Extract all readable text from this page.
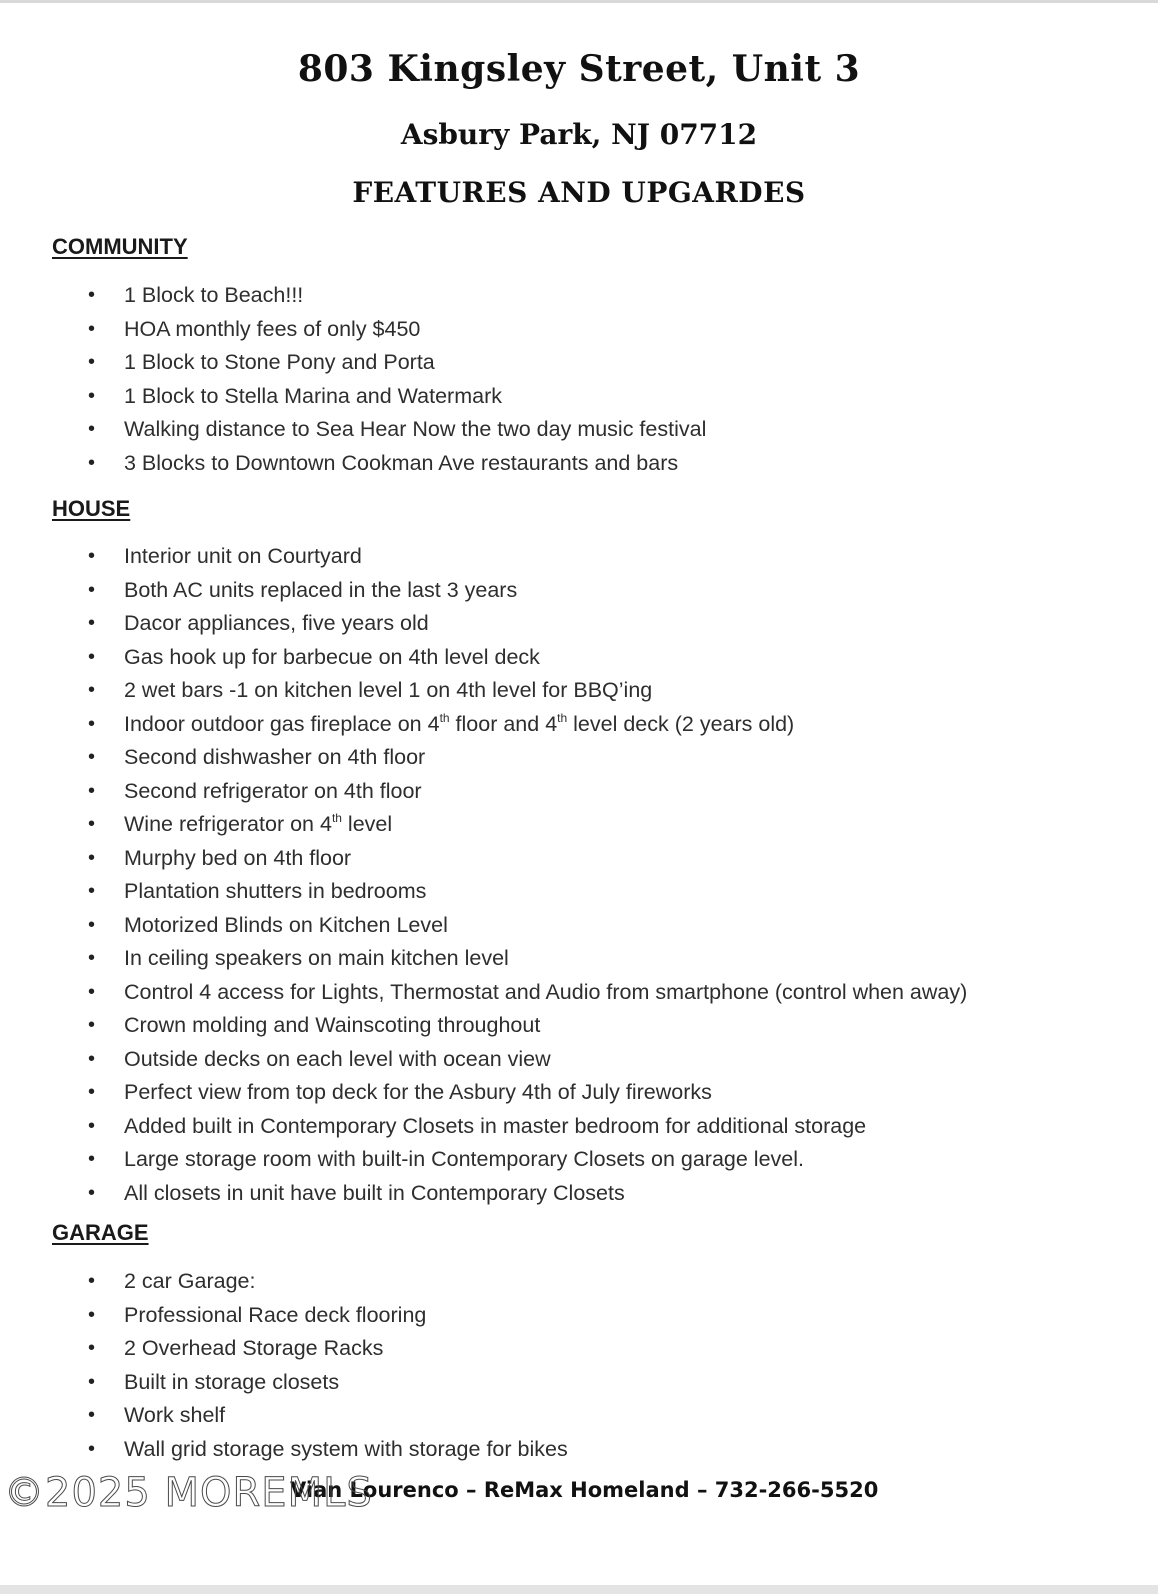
803 Kingsley Street, Unit 3
Asbury Park, NJ 07712
FEATURES AND UPGARDES
COMMUNITY
• 1 Block to Beach!!!
• HOA monthly fees of only $450
• 1 Block to Stone Pony and Porta
• 1 Block to Stella Marina and Watermark
• Walking distance to Sea Hear Now the two day music festival
• 3 Blocks to Downtown Cookman Ave restaurants and bars
HOUSE
• Interior unit on Courtyard
• Both AC units replaced in the last 3 years
• Dacor appliances, five years old
• Gas hook up for barbecue on 4th level deck
• 2 wet bars -1 on kitchen level 1 on 4th level for BBQ’ing
• Indoor outdoor gas fireplace on 4th floor and 4th level deck (2 years old)
• Second dishwasher on 4th floor
• Second refrigerator on 4th floor
• Wine refrigerator on 4th level
• Murphy bed on 4th floor
• Plantation shutters in bedrooms
• Motorized Blinds on Kitchen Level
• In ceiling speakers on main kitchen level
• Control 4 access for Lights, Thermostat and Audio from smartphone (control when away)
• Crown molding and Wainscoting throughout
• Outside decks on each level with ocean view
• Perfect view from top deck for the Asbury 4th of July fireworks
• Added built in Contemporary Closets in master bedroom for additional storage
• Large storage room with built-in Contemporary Closets on garage level.
• All closets in unit have built in Contemporary Closets
GARAGE
• 2 car Garage:
• Professional Race deck flooring
• 2 Overhead Storage Racks
• Built in storage closets
• Work shelf
• Wall grid storage system with storage for bikes
Vian Lourenco – ReMax Homeland – 732-266-5520
©2025 MOREMLS
